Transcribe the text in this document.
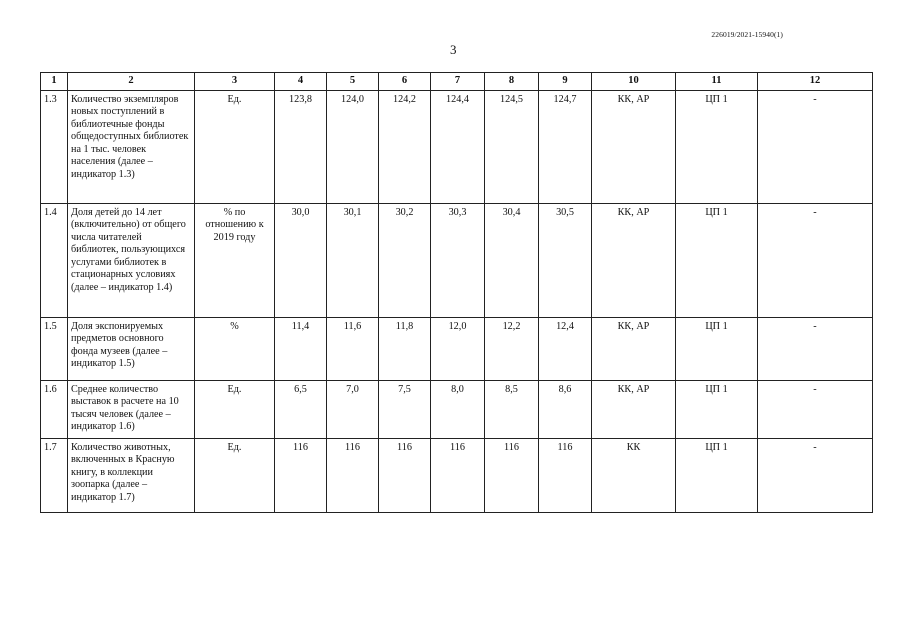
226019/2021-15940(1)
3
1	2	3	4	5	6	7	8	9	10	11	12
1.3	Количество экземпляров новых поступлений в библиотечные фонды общедоступных библиотек на 1 тыс. человек населения (далее – индикатор 1.3)	Ед.	123,8	124,0	124,2	124,4	124,5	124,7	КК, АР	ЦП 1	-
1.4	Доля детей до 14 лет (включительно) от общего числа читателей библиотек, пользующихся услугами библиотек в стационарных условиях (далее – индикатор 1.4)	% по отношению к 2019 году	30,0	30,1	30,2	30,3	30,4	30,5	КК, АР	ЦП 1	-
1.5	Доля экспонируемых предметов основного фонда музеев (далее – индикатор 1.5)	%	11,4	11,6	11,8	12,0	12,2	12,4	КК, АР	ЦП 1	-
1.6	Среднее количество выставок в расчете на 10 тысяч человек (далее – индикатор 1.6)	Ед.	6,5	7,0	7,5	8,0	8,5	8,6	КК, АР	ЦП 1	-
1.7	Количество животных, включенных в Красную книгу, в коллекции зоопарка (далее – индикатор 1.7)	Ед.	116	116	116	116	116	116	КК	ЦП 1	-
